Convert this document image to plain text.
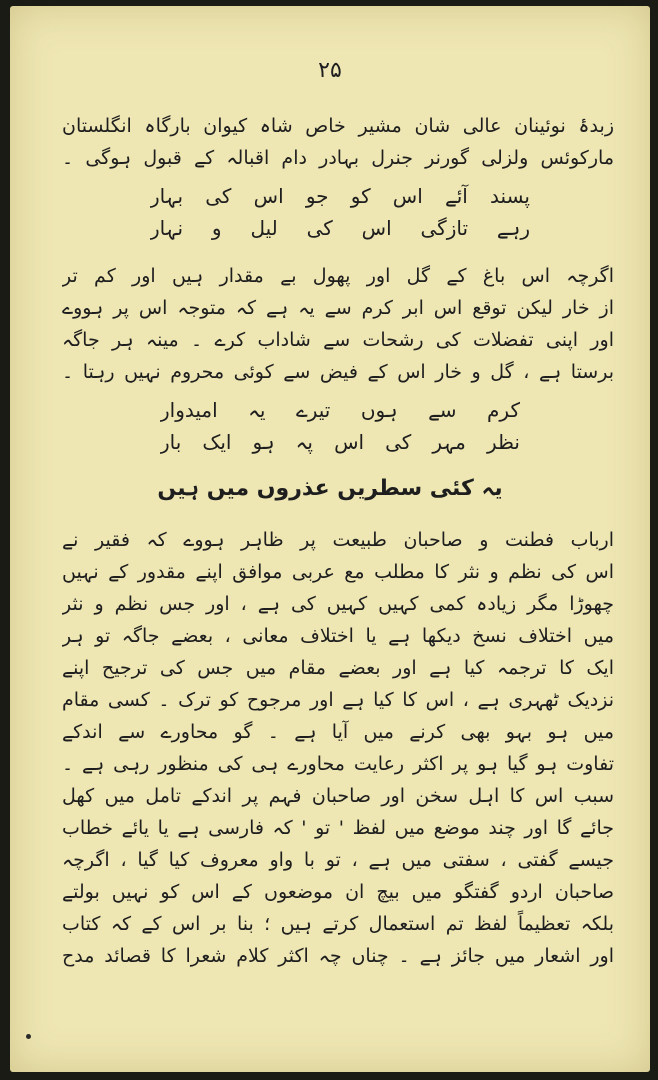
۲۵
زبدۂ نوئینان عالی شان مشیر خاص شاہ کیوان بارگاہ انگلستان
مارکوئس ولزلی گورنر جنرل بہادر دام اقبالہ کے قبول ہوگی ۔
پسند آئے اس کو جو اس کی بہار
رہے تازگی اس کی لیل و نہار
اگرچہ اس باغ کے گل اور پھول بے مقدار ہیں اور کم تر
از خار لیکن توقع اس ابر کرم سے یہ ہے کہ متوجہ اس پر ہووے
اور اپنی تفضلات کی رشحات سے شاداب کرے ۔ مینہ ہر جاگہ
برستا ہے ، گل و خار اس کے فیض سے کوئی محروم نہیں رہتا ۔
کرم سے ہوں تیرے یہ امیدوار
نظر مہر کی اس پہ ہو ایک بار
یہ کئی سطریں عذروں میں ہیں
ارباب فطنت و صاحبان طبیعت پر ظاہر ہووے کہ فقیر نے
اس کی نظم و نثر کا مطلب مع عربی موافق اپنے مقدور کے نہیں
چھوڑا مگر زیادہ کمی کہیں کہیں کی ہے ، اور جس نظم و نثر
میں اختلاف نسخ دیکھا ہے یا اختلاف معانی ، بعضے جاگہ تو ہر
ایک کا ترجمہ کیا ہے اور بعضے مقام میں جس کی ترجیح اپنے
نزدیک ٹھہری ہے ، اس کا کیا ہے اور مرجوح کو ترک ۔ کسی مقام
میں ہو بہو بھی کرنے میں آیا ہے ۔ گو محاورے سے اندکے
تفاوت ہو گیا ہو پر اکثر رعایت محاورے ہی کی منظور رہی ہے ۔
سبب اس کا اہل سخن اور صاحبان فہم پر اندکے تامل میں کھل
جائے گا اور چند موضع میں لفظ ' تو ' کہ فارسی ہے یا یائے خطاب
جیسے گفتی ، سفتی میں ہے ، تو با واو معروف کیا گیا ، اگرچہ
صاحبان اردو گفتگو میں بیچ ان موضعوں کے اس کو نہیں بولتے
بلکہ تعظیماً لفظ تم استعمال کرتے ہیں ؛ بنا بر اس کے کہ کتاب
اور اشعار میں جائز ہے ۔ چناں چہ اکثر کلام شعرا کا قصائد مدح
